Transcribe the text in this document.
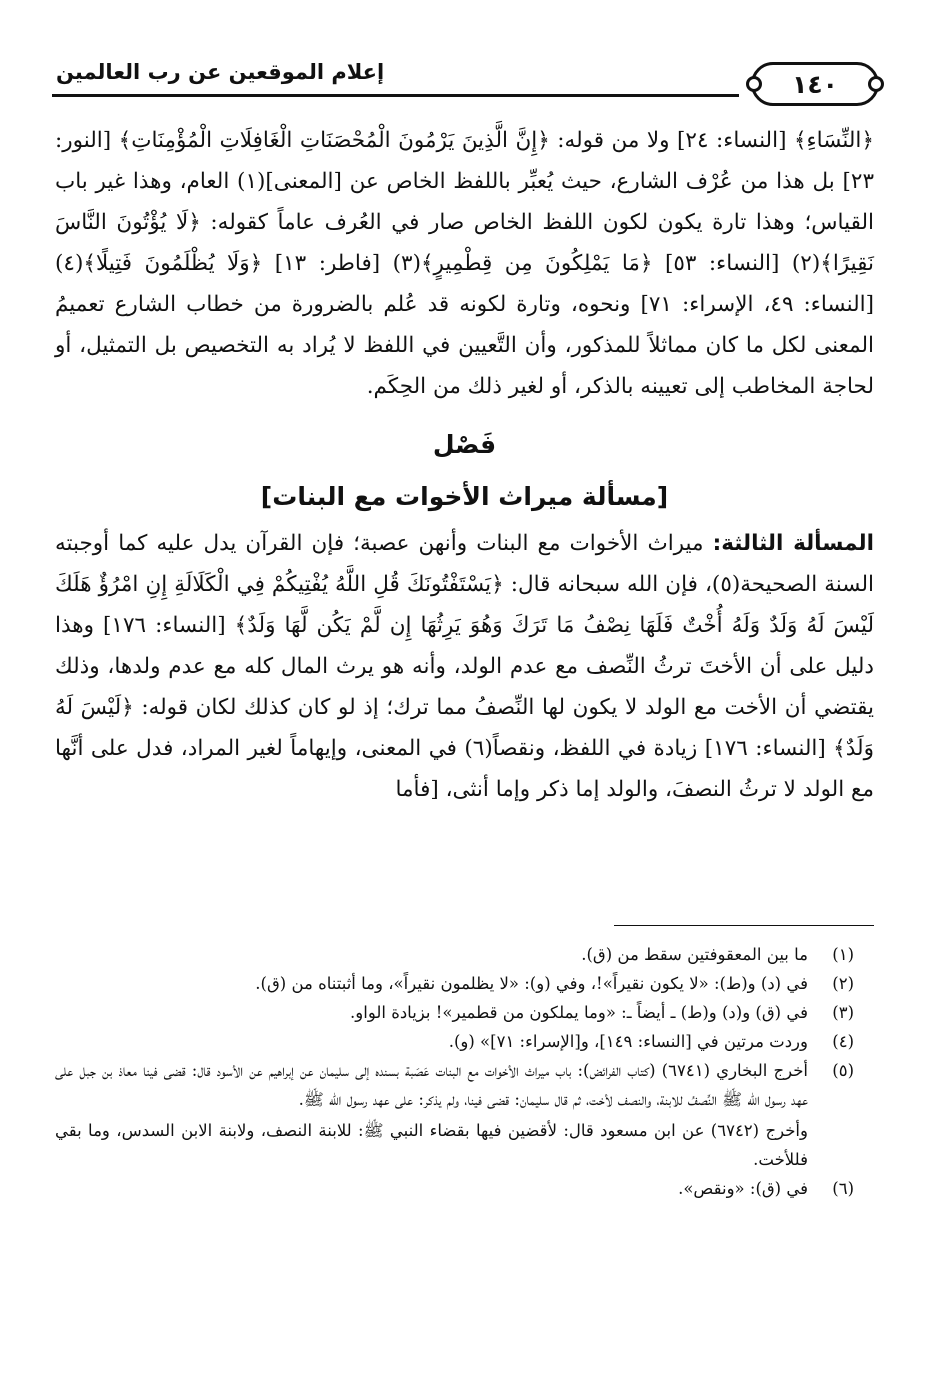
١٤٠
إعلام الموقعين عن رب العالمين

﴿النِّسَاءِ﴾ [النساء: ٢٤] ولا من قوله: ﴿إِنَّ الَّذِينَ يَرْمُونَ الْمُحْصَنَاتِ الْغَافِلَاتِ الْمُؤْمِنَاتِ﴾ [النور: ٢٣] بل هذا من عُرْف الشارع، حيث يُعبِّر باللفظ الخاص عن [المعنى](١) العام، وهذا غير باب القياس؛ وهذا تارة يكون لكون اللفظ الخاص صار في العُرف عاماً كقوله: ﴿لَا يُؤْتُونَ النَّاسَ نَقِيرًا﴾(٢) [النساء: ٥٣] ﴿مَا يَمْلِكُونَ مِن قِطْمِيرٍ﴾(٣) [فاطر: ١٣] ﴿وَلَا يُظْلَمُونَ فَتِيلًا﴾(٤) [النساء: ٤٩، الإسراء: ٧١] ونحوه، وتارة لكونه قد عُلم بالضرورة من خطاب الشارع تعميمُ المعنى لكل ما كان مماثلاً للمذكور، وأن التَّعيين في اللفظ لا يُراد به التخصيص بل التمثيل، أو لحاجة المخاطب إلى تعيينه بالذكر، أو لغير ذلك من الحِكَم.

فَصْل
[مسألة ميراث الأخوات مع البنات]

المسألة الثالثة: ميراث الأخوات مع البنات وأنهن عصبة؛ فإن القرآن يدل عليه كما أوجبته السنة الصحيحة(٥)، فإن الله سبحانه قال: ﴿يَسْتَفْتُونَكَ قُلِ اللَّهُ يُفْتِيكُمْ فِي الْكَلَالَةِ إِنِ امْرُؤٌ هَلَكَ لَيْسَ لَهُ وَلَدٌ وَلَهُ أُخْتٌ فَلَهَا نِصْفُ مَا تَرَكَ وَهُوَ يَرِثُهَا إِن لَّمْ يَكُن لَّهَا وَلَدٌ﴾ [النساء: ١٧٦] وهذا دليل على أن الأختَ ترثُ النِّصف مع عدم الولد، وأنه هو يرث المال كله مع عدم ولدها، وذلك يقتضي أن الأخت مع الولد لا يكون لها النِّصفُ مما ترك؛ إذ لو كان كذلك لكان قوله: ﴿لَيْسَ لَهُ وَلَدٌ﴾ [النساء: ١٧٦] زيادة في اللفظ، ونقصاً(٦) في المعنى، وإيهاماً لغير المراد، فدل على أنَّها مع الولد لا ترثُ النصفَ، والولد إما ذكر وإما أنثى، [فأما

(١)
ما بين المعقوفتين سقط من (ق).
(٢)
في (د) و(ط): «لا يكون نقيراً»!، وفي (و): «لا يظلمون نقيراً»، وما أثبتناه من (ق).
(٣)
في (ق) و(د) و(ط) ـ أيضاً ـ: «وما يملكون من قطمير»! بزيادة الواو.
(٤)
وردت مرتين في [النساء: ١٤٩]، و[الإسراء: ٧١]» (و).
(٥)
أخرج البخاري (٦٧٤١) (كتاب الفرائض): باب ميراث الأخوات مع البنات عَصَبة بسنده إلى سليمان عن إبراهيم عن الأسود قال: قضى فينا معاذ بن جبل على عهد رسول الله ﷺ النِّصفُ للابنة، والنصف لأخت، ثم قال سليمان: قضى فينا، ولم يذكر: على عهد رسول الله ﷺ.
وأخرج (٦٧٤٢) عن ابن مسعود قال: لأقضين فيها بقضاء النبي ﷺ: للابنة النصف، ولابنة الابن السدس، وما بقي فللأخت.
(٦)
في (ق): «ونقص».
